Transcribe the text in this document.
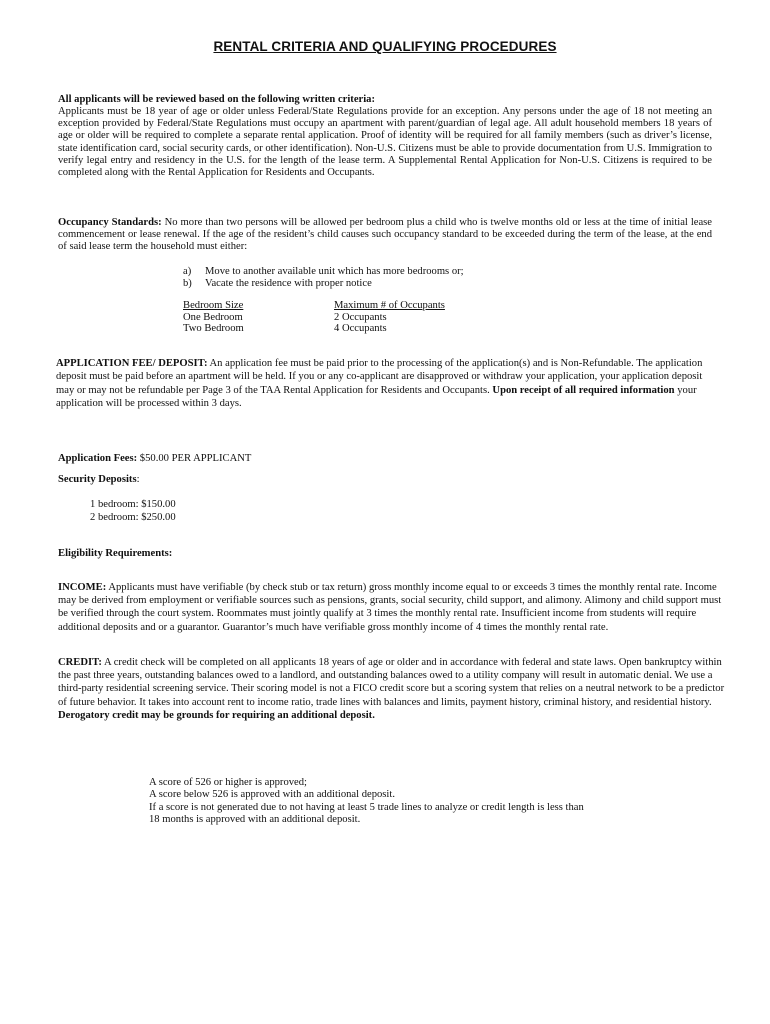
RENTAL CRITERIA AND QUALIFYING PROCEDURES
All applicants will be reviewed based on the following written criteria:
Applicants must be 18 year of age or older unless Federal/State Regulations provide for an exception. Any persons under the age of 18 not meeting an exception provided by Federal/State Regulations must occupy an apartment with parent/guardian of legal age. All adult household members 18 years of age or older will be required to complete a separate rental application. Proof of identity will be required for all family members (such as driver’s license, state identification card, social security cards, or other identification). Non-U.S. Citizens must be able to provide documentation from U.S. Immigration to verify legal entry and residency in the U.S. for the length of the lease term. A Supplemental Rental Application for Non-U.S. Citizens is required to be completed along with the Rental Application for Residents and Occupants.
Occupancy Standards: No more than two persons will be allowed per bedroom plus a child who is twelve months old or less at the time of initial lease commencement or lease renewal. If the age of the resident’s child causes such occupancy standard to be exceeded during the term of the lease, at the end of said lease term the household must either:
a) Move to another available unit which has more bedrooms or;
b) Vacate the residence with proper notice
Bedroom Size	Maximum # of Occupants
One Bedroom	2 Occupants
Two Bedroom	4 Occupants
APPLICATION FEE/ DEPOSIT: An application fee must be paid prior to the processing of the application(s) and is Non-Refundable. The application deposit must be paid before an apartment will be held. If you or any co-applicant are disapproved or withdraw your application, your application deposit may or may not be refundable per Page 3 of the TAA Rental Application for Residents and Occupants. Upon receipt of all required information your application will be processed within 3 days.
Application Fees: $50.00 PER APPLICANT
Security Deposits:
1 bedroom: $150.00
2 bedroom: $250.00
Eligibility Requirements:
INCOME: Applicants must have verifiable (by check stub or tax return) gross monthly income equal to or exceeds 3 times the monthly rental rate. Income may be derived from employment or verifiable sources such as pensions, grants, social security, child support, and alimony. Alimony and child support must be verified through the court system. Roommates must jointly qualify at 3 times the monthly rental rate. Insufficient income from students will require additional deposits and or a guarantor. Guarantor’s much have verifiable gross monthly income of 4 times the monthly rental rate.
CREDIT: A credit check will be completed on all applicants 18 years of age or older and in accordance with federal and state laws. Open bankruptcy within the past three years, outstanding balances owed to a landlord, and outstanding balances owed to a utility company will result in automatic denial. We use a third-party residential screening service. Their scoring model is not a FICO credit score but a scoring system that relies on a neutral network to be a predictor of future behavior. It takes into account rent to income ratio, trade lines with balances and limits, payment history, criminal history, and residential history. Derogatory credit may be grounds for requiring an additional deposit.
A score of 526 or higher is approved;
A score below 526 is approved with an additional deposit.
If a score is not generated due to not having at least 5 trade lines to analyze or credit length is less than
18 months is approved with an additional deposit.
